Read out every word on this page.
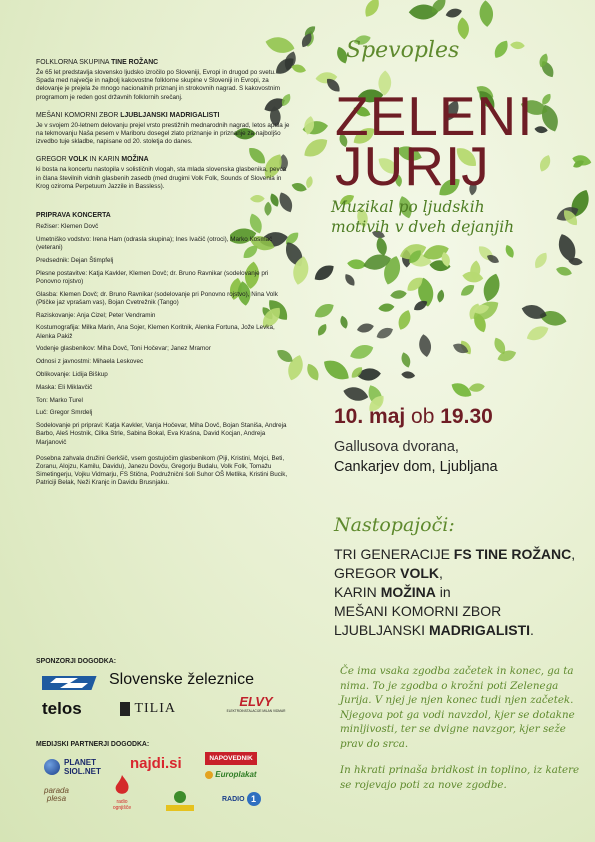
FOLKLORNA SKUPINA TINE ROŽANC

Že 65 let predstavlja slovensko ljudsko izročilo po Sloveniji, Evropi in drugod po svetu. Spada med največje in najbolj kakovostne folklorne skupine v Sloveniji in Evropi, za delovanje je prejela že mnogo nacionalnih priznanj in strokovnih nagrad. S kakovostnim programom je reden gost državnih folklornih srečanj.

MEŠANI KOMORNI ZBOR LJUBLJANSKI MADRIGALISTI

Je v svojem 20-letnem delovanju prejel vrsto prestižnih mednarodnih nagrad, letos aprila je na tekmovanju Naša pesem v Mariboru dosegel zlato priznanje in priznanje za najboljšo izvedbo tuje skladbe, napisane od 20. stoletja do danes.

GREGOR VOLK IN KARIN MOŽINA

ki bosta na koncertu nastopila v solističnih vlogah, sta mlada slovenska glasbenika, pevca in člana številnih vidnih glasbenih zasedb (med drugimi Volk Folk, Sounds of Slovenia in Krog oziroma Perpetuum Jazzile in Bassless).

PRIPRAVA KONCERTA

Režiser: Klemen Dovč

Umetniško vodstvo: Irena Ham (odrasla skupina); Ines Ivačič (otroci), Marko Kosmač (veterani)

Predsednik: Dejan Štimpfelj

Plesne postavitve: Katja Kavkler, Klemen Dovč; dr. Bruno Ravnikar (sodelovanje pri Ponovno rojstvo)

Glasba: Klemen Dovč; dr. Bruno Ravnikar (sodelovanje pri Ponovno rojstvo), Nina Volk (Ptičke jaz vprašam vas), Bojan Cvetrežnik (Tango)

Raziskovanje: Anja Cizel; Peter Vendramin

Kostumografija: Milka Marin, Ana Sojer, Klemen Koritnik, Alenka Fortuna, Jože Levka, Alenka Pakiž

Vodenje glasbenikov: Miha Dovč, Toni Hočevar; Janez Mramor

Odnosi z javnostmi: Mihaela Leskovec

Oblikovanje: Lidija Biškup

Maska: Eli Miklavčič

Ton: Marko Turel

Luč: Gregor Smrdelj

Sodelovanje pri pripravi: Katja Kavkler, Vanja Hočevar, Miha Dovč, Bojan Staniša, Andreja Barbo, Aleš Hostnik, Cilka Strle, Sabina Bokal, Eva Kraśna, David Kocjan, Andreja Marjanovič

Posebna zahvala družini Gerkšič, vsem gostujočim glasbenikom (Piji, Kristini, Mojci, Beti, Zoranu, Alojzu, Kamilu, Davidu), Janezu Dovču, Gregorju Budalu, Volk Folk, Tomažu Simetingerju, Vojku Vidmarju, FS Stična, Podružnični šoli Suhor OŠ Metlika, Kristini Bucik, Patriciji Belak, Neži Kranjc in Davidu Brusnjaku.

SPONZORJI DOGODKA:
Slovenske železnice
telos	TILIA	ELVY
ELEKTROINSTALACIJE MILAN VIDMAR
MEDIJSKI PARTNERJI DOGODKA:
PLANET
SIOL.NET najdi.si	NAPOVEDNIK
Europlakat
parada
plesa	radio
ognjišče
RADIO 1
Spevoples
ZELENI
JURIJ
Muzikal po ljudskih
motivih v dveh dejanjih
10. maj ob 19.30
Gallusova dvorana,
Cankarjev dom, Ljubljana
Nastopajoči:
TRI GENERACIJE FS TINE ROŽANC,
GREGOR VOLK,
KARIN MOŽINA in
MEŠANI KOMORNI ZBOR
LJUBLJANSKI MADRIGALISTI.

Če ima vsaka zgodba začetek in konec, ga ta nima. To je zgodba o krožni poti Zelenega Jurija. V njej je njen konec tudi njen začetek. Njegova pot ga vodi navzdol, kjer se dotakne minljivosti, ter se dvigne navzgor, kjer seže prav do srca.

In hkrati prinaša bridkost in toplino, iz katere se rojevajo poti za nove zgodbe.
